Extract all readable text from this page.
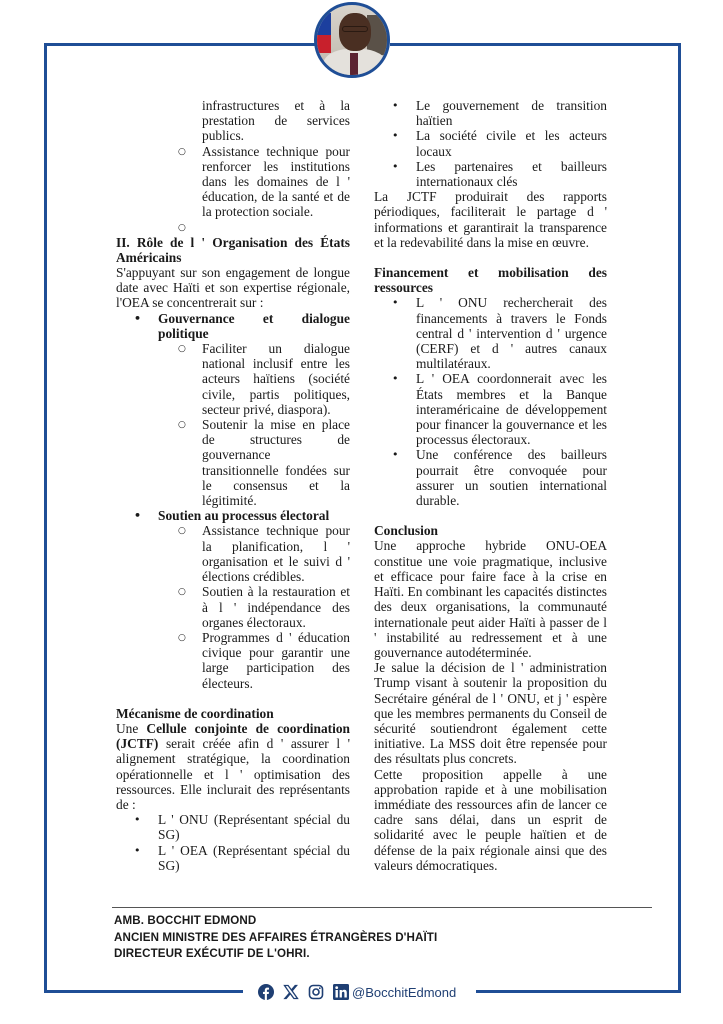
infrastructures et à la prestation de services publics.
○ Assistance technique pour renforcer les institutions dans les domaines de l ' éducation, de la santé et de la protection sociale.
○

II. Rôle de l ' Organisation des États Américains

S'appuyant sur son engagement de longue date avec Haïti et son expertise régionale, l'OEA se concentrerait sur :

• Gouvernance et dialogue politique
○ Faciliter un dialogue national inclusif entre les acteurs haïtiens (société civile, partis politiques, secteur privé, diaspora).
○ Soutenir la mise en place de structures de gouvernance transitionnelle fondées sur le consensus et la légitimité.
• Soutien au processus électoral
○ Assistance technique pour la planification, l ' organisation et le suivi d ' élections crédibles.
○ Soutien à la restauration et à l ' indépendance des organes électoraux.
○ Programmes d ' éducation civique pour garantir une large participation des électeurs.

Mécanisme de coordination

Une Cellule conjointe de coordination (JCTF) serait créée afin d ' assurer l ' alignement stratégique, la coordination opérationnelle et l ' optimisation des ressources. Elle inclurait des représentants de :

• L ' ONU (Représentant spécial du SG)
• L ' OEA (Représentant spécial du SG)
• Le gouvernement de transition haïtien
• La société civile et les acteurs locaux
• Les partenaires et bailleurs internationaux clés

La JCTF produirait des rapports périodiques, faciliterait le partage d ' informations et garantirait la transparence et la redevabilité dans la mise en œuvre.

Financement et mobilisation des ressources

• L ' ONU rechercherait des financements à travers le Fonds central d ' intervention d ' urgence (CERF) et d ' autres canaux multilatéraux.
• L ' OEA coordonnerait avec les États membres et la Banque interaméricaine de développement pour financer la gouvernance et les processus électoraux.
• Une conférence des bailleurs pourrait être convoquée pour assurer un soutien international durable.

Conclusion

Une approche hybride ONU-OEA constitue une voie pragmatique, inclusive et efficace pour faire face à la crise en Haïti. En combinant les capacités distinctes des deux organisations, la communauté internationale peut aider Haïti à passer de l ' instabilité au redressement et à une gouvernance autodéterminée.

Je salue la décision de l ' administration Trump visant à soutenir la proposition du Secrétaire général de l ' ONU, et j ' espère que les membres permanents du Conseil de sécurité soutiendront également cette initiative. La MSS doit être repensée pour des résultats plus concrets.

Cette proposition appelle à une approbation rapide et à une mobilisation immédiate des ressources afin de lancer ce cadre sans délai, dans un esprit de solidarité avec le peuple haïtien et de défense de la paix régionale ainsi que des valeurs démocratiques.

AMB. BOCCHIT EDMOND
ANCIEN MINISTRE DES AFFAIRES ÉTRANGÈRES D'HAÏTI
DIRECTEUR EXÉCUTIF DE L'OHRI.
@BocchitEdmond
